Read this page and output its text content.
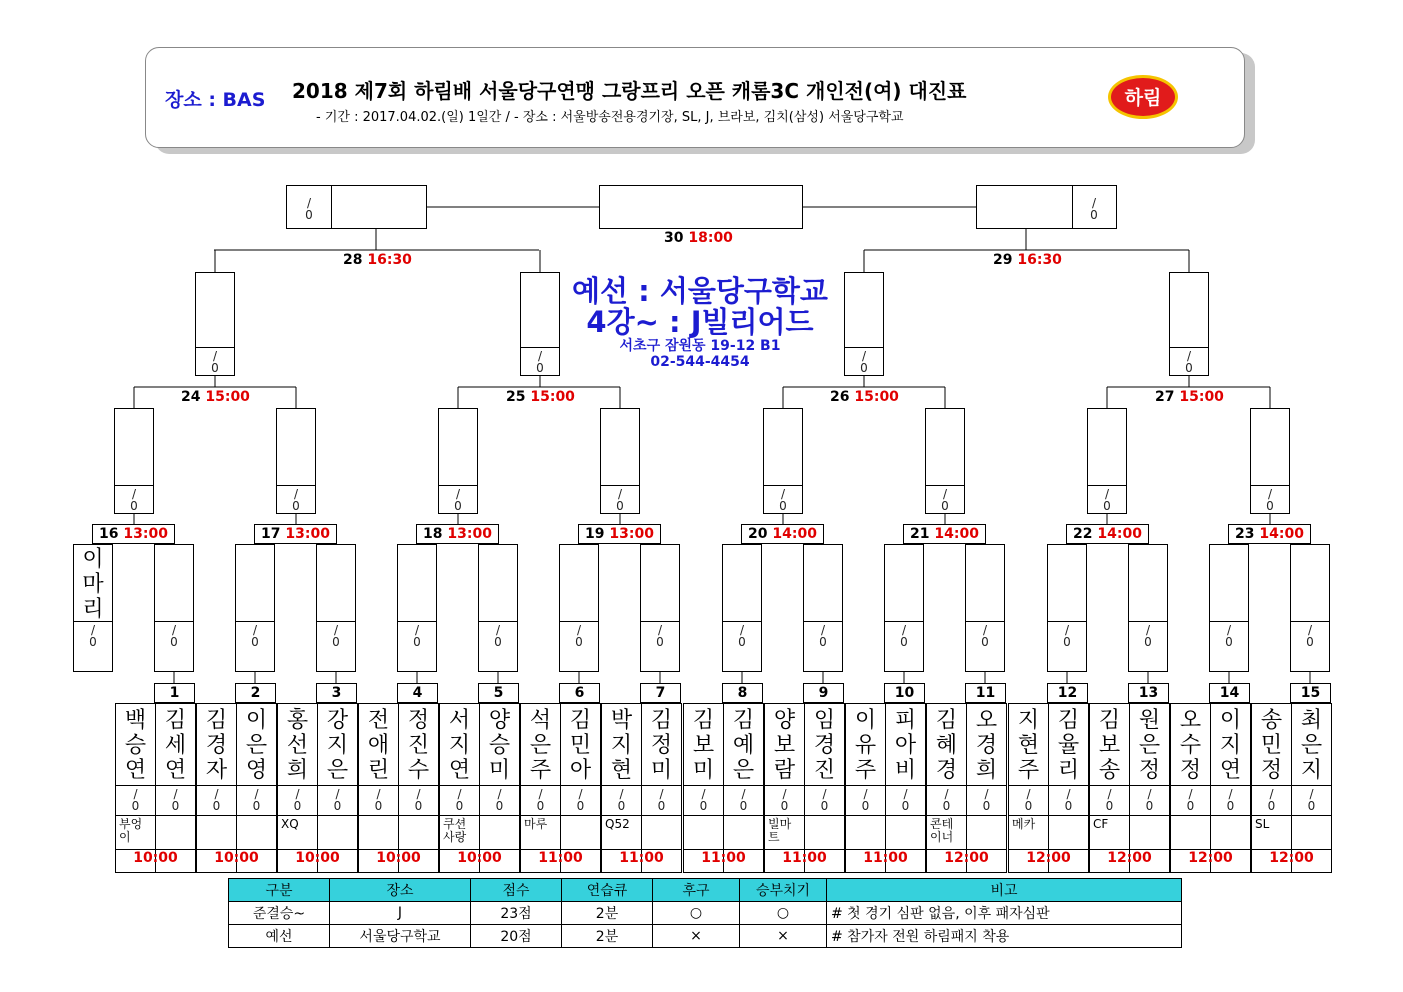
장소 : BAS 2018 제7회 하림배 서울당구연맹 그랑프리 오픈 캐롬3C 개인전(여) 대진표
- 기간 : 2017.04.02.(일) 1일간 / - 장소 : 서울방송전용경기장, SL, J, 브라보, 김치(삼성) 서울당구학교
하림
/
0
/
0
30 18:00
/
0
/
0
/
0
/
0
28 16:30	29 16:30
24 15:00	25 15:00	26 15:00	27 15:00
/
0
/
0
/
0
/
0
/
0
/
0
/
0
/
0
16 13:00	17 13:00	18 13:00	19 13:00	20 14:00	21 14:00	22 14:00	23 14:00
/
0
이마리
/
0
/
0
/
0
/
0
/
0
/
0
/
0
/
0
/
0
/
0
/
0
/
0
/
0
/
0
/
0
1
백승연
/
0
부엉이
김세연
/
0
10:00
2
김경자
/
0
이은영
/
0
10:00
3
홍선희
/
0
XQ
강지은
/
0
10:00
4
전애린
/
0
정진수
/
0
10:00
5
서지연
/
0
쿠션사랑
양승미
/
0
10:00
6
석은주
/
0
마루
김민아
/
0
11:00
7
박지현
/
0
Q52
김정미
/
0
11:00
8
김보미
/
0
김예은
/
0
11:00
9
양보람
/
0
빌마트
임경진
/
0
11:00
10
이유주
/
0
피아비
/
0
11:00
11
김혜경
/
0
콘테이너
오경희
/
0
12:00
12
지현주
/
0
메카
김율리
/
0
12:00
13
김보송
/
0
CF
원은정
/
0
12:00
14
오수정
/
0
이지연
/
0
12:00
15
송민정
/
0
SL
최은지
/
0
12:00
예선 : 서울당구학교
4강~ : J빌리어드
서초구 잠원동 19-12 B1
02-544-4454
구분	장소	점수	연습큐	후구	승부치기	비고
준결승~	J	23점	2분	○	○	# 첫 경기 심판 없음, 이후 패자심판
예선	서울당구학교	20점	2분	×	×	# 참가자 전원 하림패지 착용
